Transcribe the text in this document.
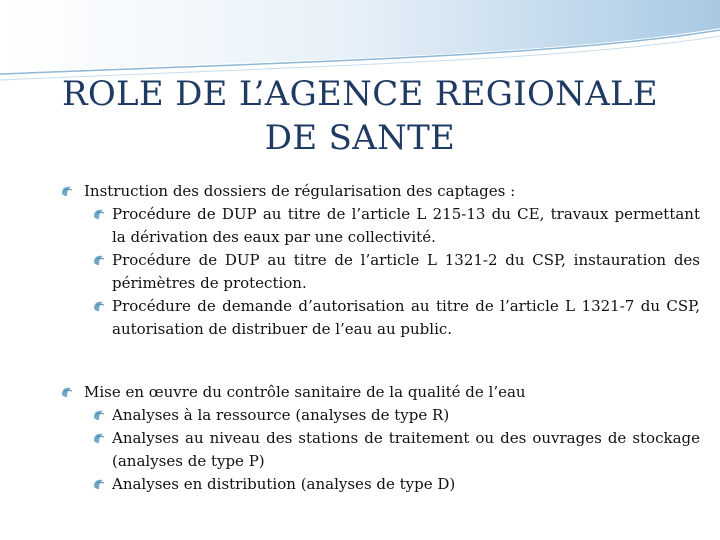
ROLE DE L’AGENCE REGIONALE DE SANTE
Instruction des dossiers de régularisation des captages :
Procédure de DUP au titre de l’article L 215-13 du CE, travaux permettant la dérivation des eaux par une collectivité.
Procédure de DUP au titre de l’article L 1321-2 du CSP, instauration des périmètres de protection.
Procédure de demande d’autorisation au titre de l’article L 1321-7 du CSP, autorisation de distribuer de l’eau au public.
Mise en œuvre du contrôle sanitaire de la qualité de l’eau
Analyses à la ressource (analyses de type R)
Analyses au niveau des stations de traitement ou des ouvrages de stockage (analyses de type P)
Analyses en distribution (analyses de type D)
